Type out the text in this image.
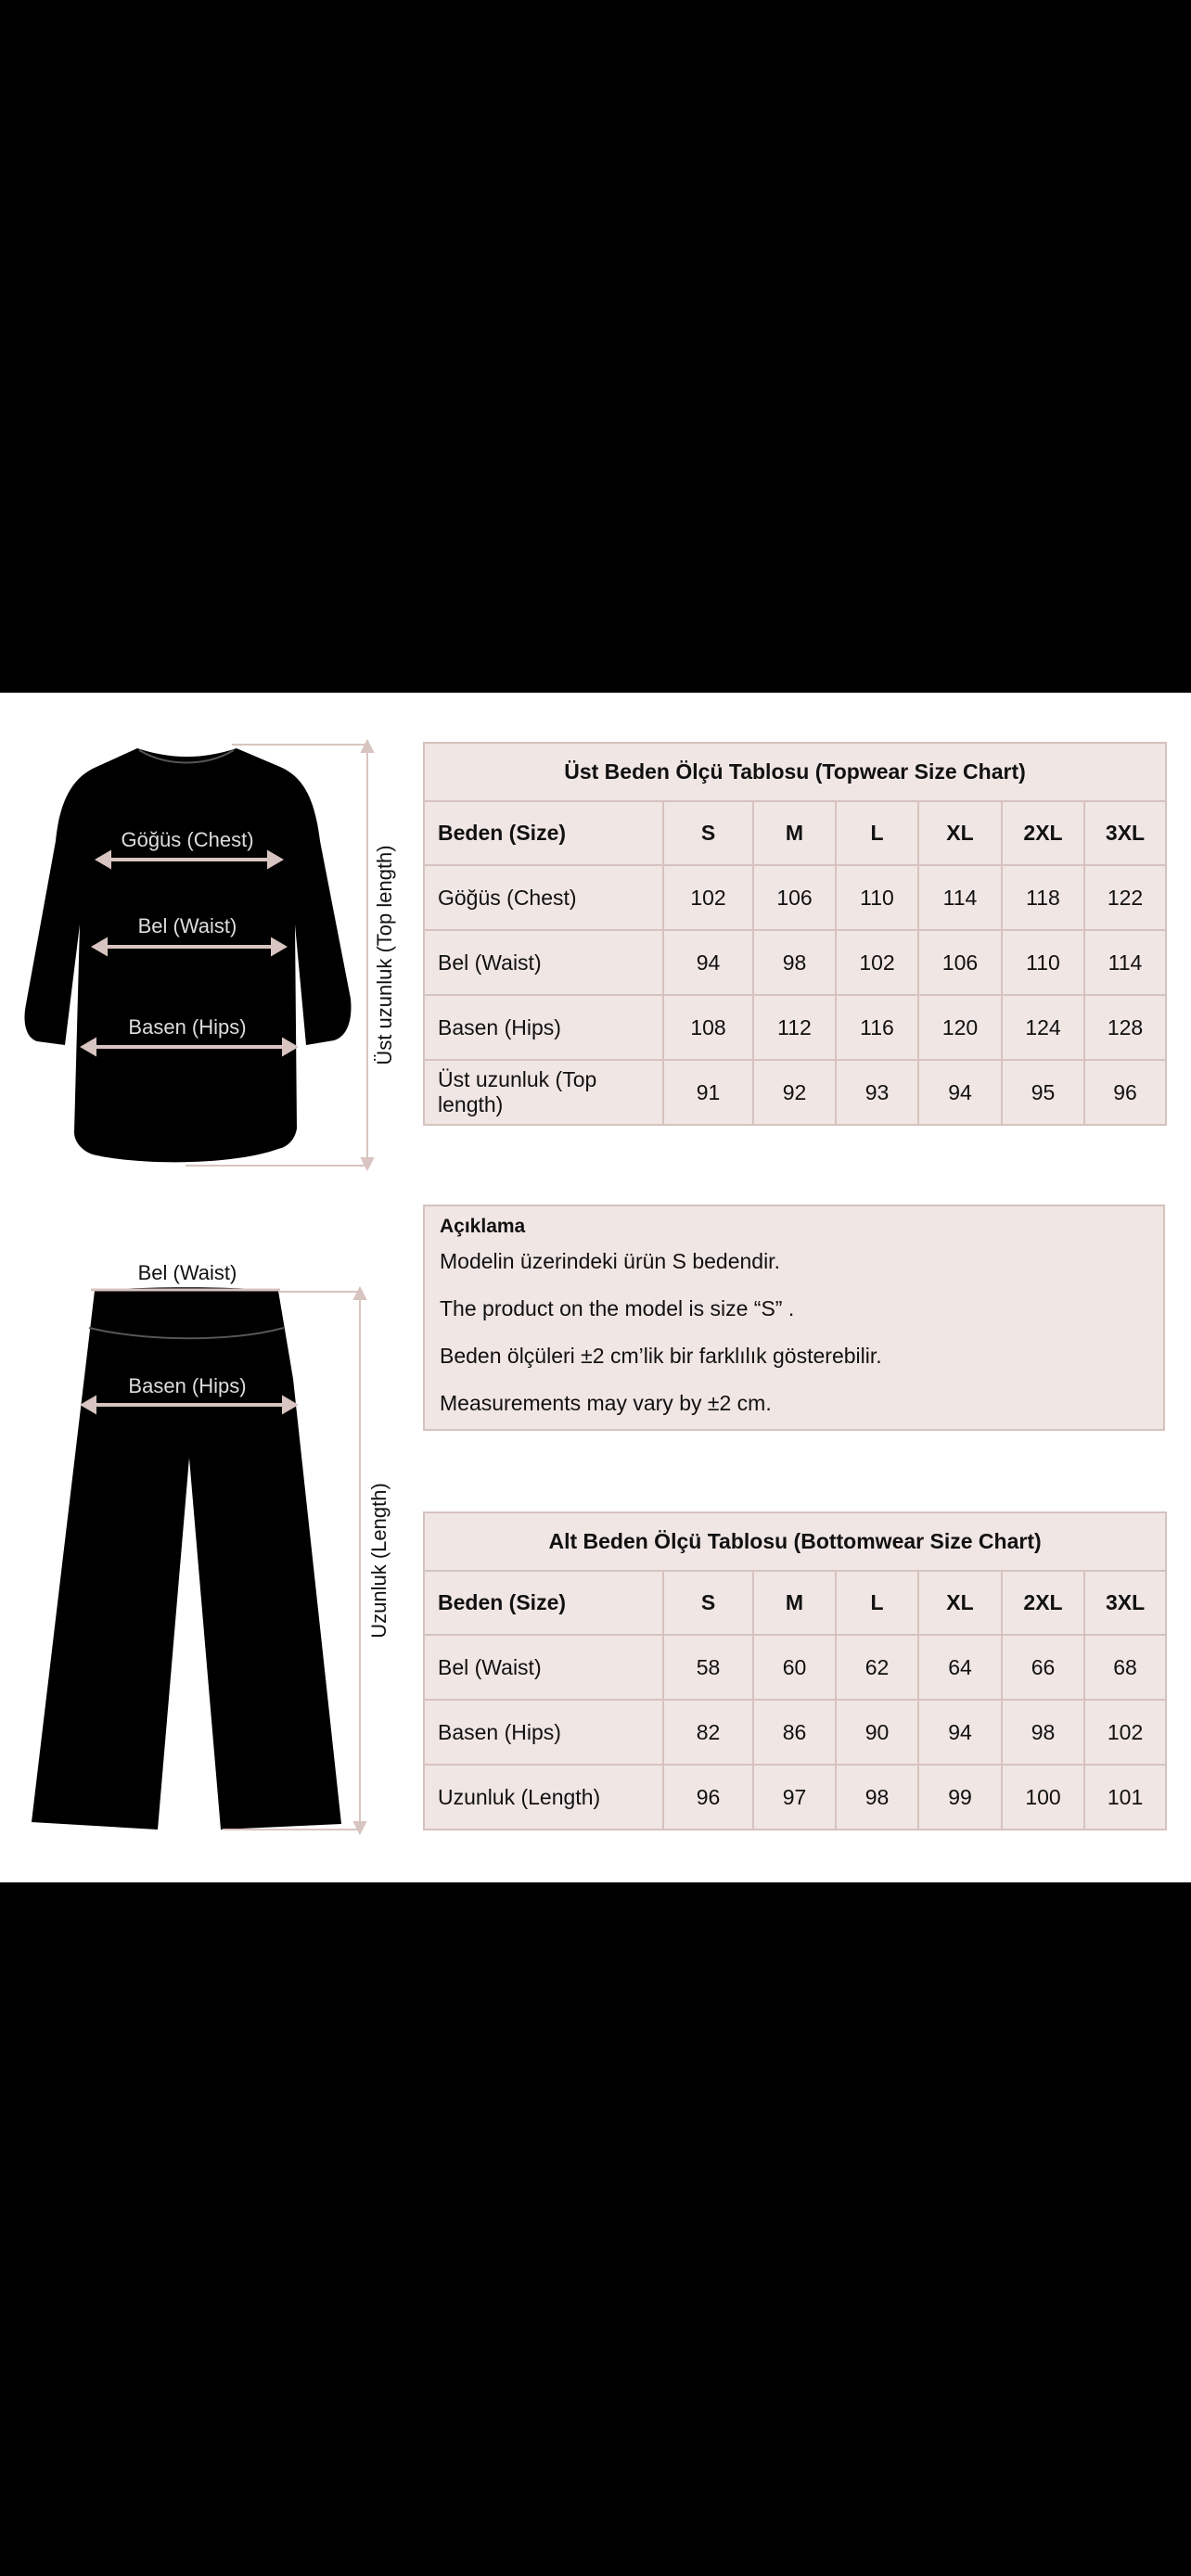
Göğüs (Chest)
Bel (Waist)
Basen (Hips)	Üst uzunluk (Top length)
Bel (Waist)
Basen (Hips)
Uzunluk (Length)
Üst Beden Ölçü Tablosu (Topwear Size Chart)						
Beden (Size)	S	M	L	XL	2XL	3XL
Göğüs (Chest)	102	106	110	114	118	122
Bel (Waist)	94	98	102	106	110	114
Basen (Hips)	108	112	116	120	124	128
Üst uzunluk (Top length)	91	92	93	94	95	96
Açıklama
Modelin üzerindeki ürün S bedendir.
The product on the model is size “S” .
Beden ölçüleri ±2 cm’lik bir farklılık gösterebilir.
Measurements may vary by ±2 cm.
Alt Beden Ölçü Tablosu (Bottomwear Size Chart)						
Beden (Size)	S	M	L	XL	2XL	3XL
Bel (Waist)	58	60	62	64	66	68
Basen (Hips)	82	86	90	94	98	102
Uzunluk (Length)	96	97	98	99	100	101
